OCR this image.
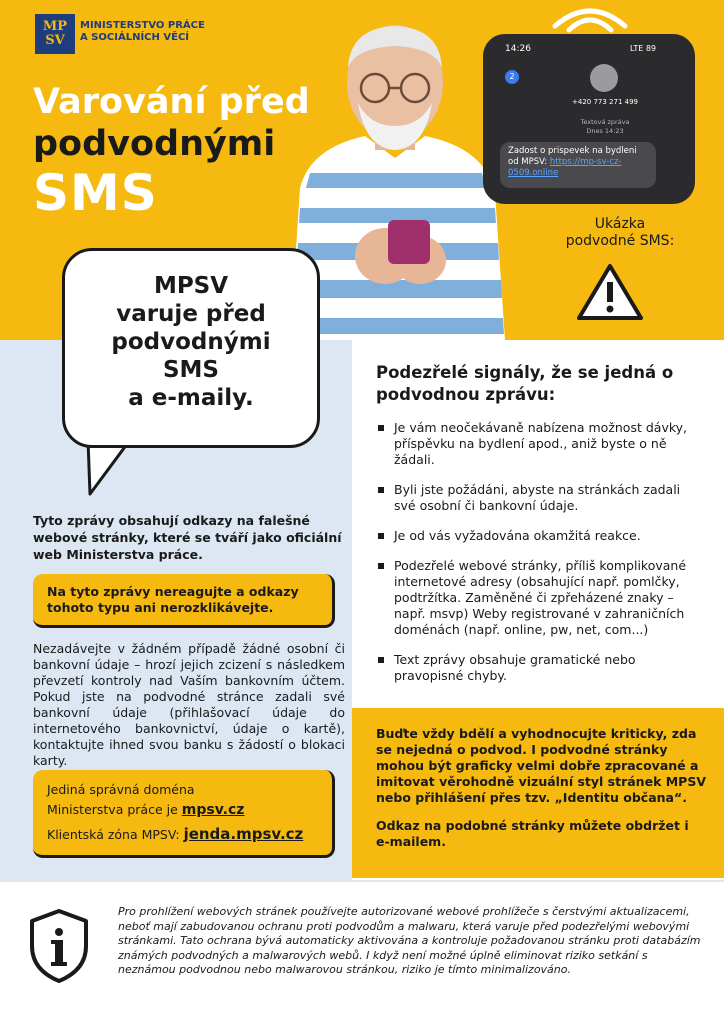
MP
SV
MINISTERSTVO PRÁCE
A SOCIÁLNÍCH VĚCÍ
Varování před
podvodnými
SMS
14:26	LTE 89
2
+420 773 271 499
Textová zpráva
Dnes 14:23
Zadost o prispevek na bydleni od MPSV: https://mp-sv-cz-0509.online
Ukázka podvodné SMS:
MPSV
varuje před
podvodnými
SMS
a e-maily.
Tyto zprávy obsahují odkazy na falešné webové stránky, které se tváří jako oficiální web Ministerstva práce.
Na tyto zprávy nereagujte a odkazy tohoto typu ani nerozklikávejte.
Nezadávejte v žádném případě žádné osobní či bankovní údaje – hrozí jejich zcizení s následkem převzetí kontroly nad Vaším bankovním účtem. Pokud jste na podvodné stránce zadali své bankovní údaje (přihlašovací údaje do internetového bankovnictví, údaje o kartě), kontaktujte ihned svou banku s žádostí o blokaci karty.
Jediná správná doména
Ministerstva práce je mpsv.cz
Klientská zóna MPSV: jenda.mpsv.cz
Podezřelé signály, že se jedná o podvodnou zprávu:
Je vám neočekávaně nabízena možnost dávky, příspěvku na bydlení apod., aniž byste o ně žádali.
Byli jste požádáni, abyste na stránkách zadali své osobní či bankovní údaje.
Je od vás vyžadována okamžitá reakce.
Podezřelé webové stránky, příliš komplikované internetové adresy (obsahující např. pomlčky, podtržítka. Zaměněné či zpřeházené znaky – např. msvp) Weby registrované v zahraničních doménách (např. online, pw, net, com...)
Text zprávy obsahuje gramatické nebo pravopisné chyby.

Buďte vždy bdělí a vyhodnocujte kriticky, zda se nejedná o podvod. I podvodné stránky mohou být graficky velmi dobře zpracované a imitovat věrohodně vizuální styl stránek MPSV nebo přihlášení přes tzv. „Identitu občana“.

Odkaz na podobné stránky můžete obdržet i e-mailem.

Pro prohlížení webových stránek používejte autorizované webové prohlížeče s čerstvými aktualizacemi, neboť mají zabudovanou ochranu proti podvodům a malwaru, která varuje před podezřelými webovými stránkami. Tato ochrana bývá automaticky aktivována a kontroluje požadovanou stránku proti databázím známých podvodných a malwarových webů. I když není možné úplně eliminovat riziko setkání s neznámou podvodnou nebo malwarovou stránkou, riziko je tímto minimalizováno.
